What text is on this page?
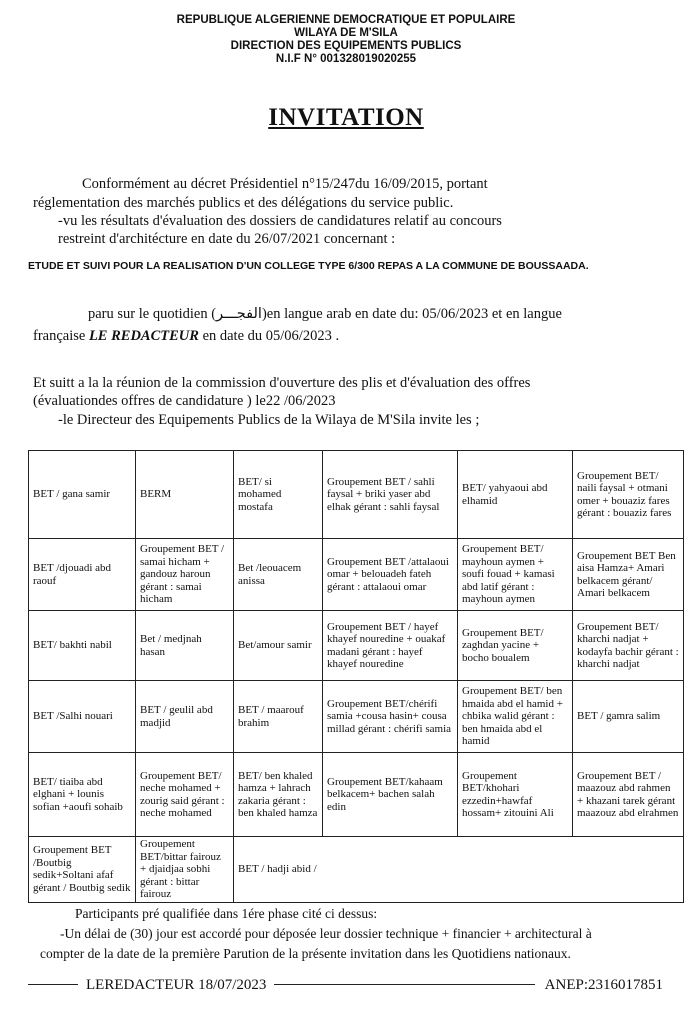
REPUBLIQUE ALGERIENNE DEMOCRATIQUE ET POPULAIRE
WILAYA DE M'SILA
DIRECTION DES EQUIPEMENTS PUBLICS
N.I.F N° 001328019020255
INVITATION
Conformément au décret Présidentiel n°15/247du 16/09/2015, portant
réglementation des marchés publics et des délégations du service public.
-vu les résultats d'évaluation des dossiers de candidatures relatif au concours
restreint d'architécture en date du 26/07/2021 concernant :
ETUDE ET SUIVI POUR LA REALISATION D'UN COLLEGE TYPE 6/300 REPAS A LA COMMUNE DE BOUSSAADA.
paru sur le quotidien (الفجـــر)en langue arab en date du: 05/06/2023 et en langue
française LE REDACTEUR en date du 05/06/2023 .
Et suitt a la la réunion de la commission d'ouverture des plis et d'évaluation des offres
(évaluationdes offres de candidature ) le22 /06/2023
-le Directeur des Equipements Publics de la Wilaya de M'Sila invite les ;
BET / gana samir	BERM	BET/ si mohamed mostafa	Groupement BET / sahli faysal + briki yaser abd elhak gérant : sahli faysal	BET/ yahyaoui abd elhamid	Groupement BET/ naili faysal + otmani omer + bouaziz fares gérant : bouaziz fares
BET /djouadi abd raouf	Groupement BET / samai hicham + gandouz haroun gérant : samai hicham	Bet /leouacem anissa	Groupement BET /attalaoui omar + belouadeh fateh gérant : attalaoui omar	Groupement BET/ mayhoun aymen + soufi fouad + kamasi abd latif gérant : mayhoun aymen	Groupement BET Ben aisa Hamza+ Amari belkacem gérant/ Amari belkacem
BET/ bakhti nabil	Bet / medjnah hasan	Bet/amour samir	Groupement BET / hayef khayef nouredine + ouakaf madani gérant : hayef khayef nouredine	Groupement BET/ zaghdan yacine + bocho boualem	Groupement BET/ kharchi nadjat + kodayfa bachir gérant : kharchi nadjat
BET /Salhi nouari	BET / geulil abd madjid	BET / maarouf brahim	Groupement BET/chérifi samia +cousa hasin+ cousa millad gérant : chérifi samia	Groupement BET/ ben hmaida abd el hamid + chbika walid gérant : ben hmaida abd el hamid	BET / gamra salim
BET/ tiaiba abd elghani + lounis sofian +aoufi sohaib	Groupement BET/ neche mohamed + zourig said gérant : neche mohamed	BET/ ben khaled hamza + lahrach zakaria gérant : ben khaled hamza	Groupement BET/kahaam belkacem+ bachen salah edin	Groupement BET/khohari ezzedin+hawfaf hossam+ zitouini Ali	Groupement BET / maazouz abd rahmen + khazani tarek gérant maazouz abd elrahmen
Groupement BET /Boutbig sedik+Soltani afaf gérant / Boutbig sedik	Groupement BET/bittar fairouz + djaidjaa sobhi gérant : bittar fairouz	BET / hadji abid /			
Participants pré qualifiée dans 1ére phase cité ci dessus:
-Un délai de (30) jour est accordé pour déposée leur dossier technique + financier + architectural à
compter de la date de la première Parution de la présente invitation dans les Quotidiens nationaux.
LEREDACTEUR 18/07/2023	ANEP:2316017851
